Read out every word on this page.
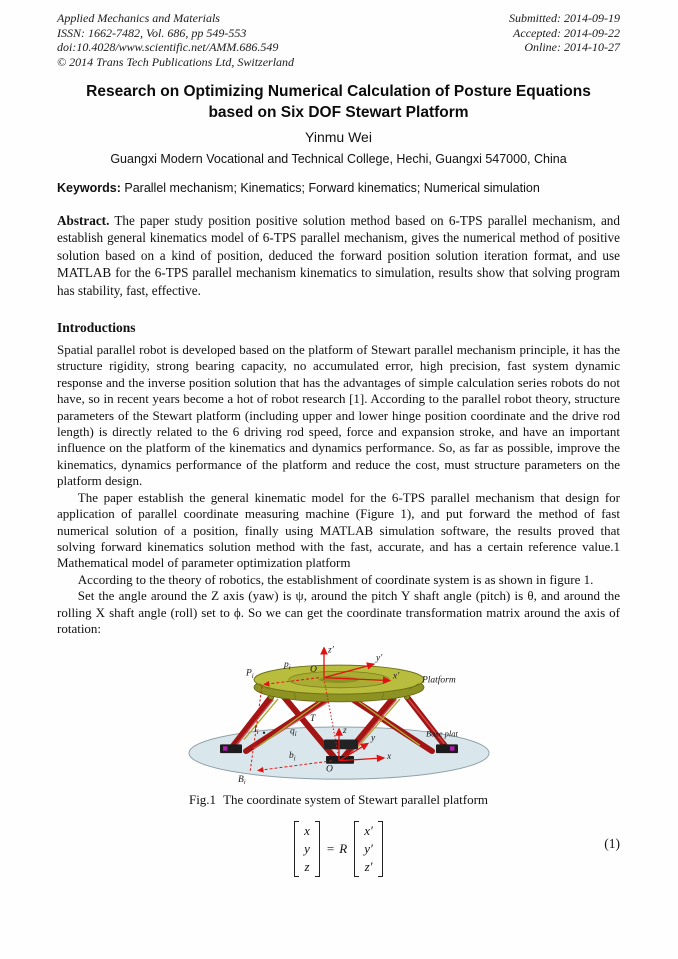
Applied Mechanics and Materials
ISSN: 1662-7482, Vol. 686, pp 549-553
doi:10.4028/www.scientific.net/AMM.686.549
© 2014 Trans Tech Publications Ltd, Switzerland
Submitted: 2014-09-19
Accepted: 2014-09-22
Online: 2014-10-27
Research on Optimizing Numerical Calculation of Posture Equations
based on Six DOF Stewart Platform
Yinmu Wei
Guangxi Modern Vocational and Technical College, Hechi, Guangxi 547000, China
Keywords: Parallel mechanism; Kinematics; Forward kinematics; Numerical simulation
Abstract. The paper study position positive solution method based on 6-TPS parallel mechanism, and establish general kinematics model of 6-TPS parallel mechanism, gives the numerical method of positive solution based on a kind of position, deduced the forward position solution iteration format, and use MATLAB for the 6-TPS parallel mechanism kinematics to simulation, results show that solving program has stability, fast, effective.
Introductions

Spatial parallel robot is developed based on the platform of Stewart parallel mechanism principle, it has the structure rigidity, strong bearing capacity, no accumulated error, high precision, fast system dynamic response and the inverse position solution that has the advantages of simple calculation series robots do not have, so in recent years become a hot of robot research [1]. According to the parallel robot theory, structure parameters of the Stewart platform (including upper and lower hinge position coordinate and the drive rod length) is directly related to the 6 driving rod speed, force and expansion stroke, and have an important influence on the platform of the kinematics and dynamics performance. So, as far as possible, improve the kinematics, dynamics performance of the platform and reduce the cost, must structure parameters on the platform design.

The paper establish the general kinematic model for the 6-TPS parallel mechanism that design for application of parallel coordinate measuring machine (Figure 1), and put forward the method of fast numerical solution of a position, finally using MATLAB simulation software, the results proved that solving forward kinematics solution method with the fast, accurate, and has a certain reference value.1 Mathematical model of parameter optimization platform

According to the theory of robotics, the establishment of coordinate system is as shown in figure 1.

Set the angle around the Z axis (yaw) is ψ, around the pitch Y shaft angle (pitch) is θ, and around the rolling X shaft angle (roll) set to ϕ. So we can get the coordinate transformation matrix around the axis of rotation:

z′
y′
x′
O
$p_i$
$P_i$	Platform
T
$l_i$	$q_i$	z
y
x
O
$b_i$
$B_i$
Base plat
Fig.1 The coordinate system of Stewart parallel platform
x
y
z
= R
x′
y′
z′
(1)
